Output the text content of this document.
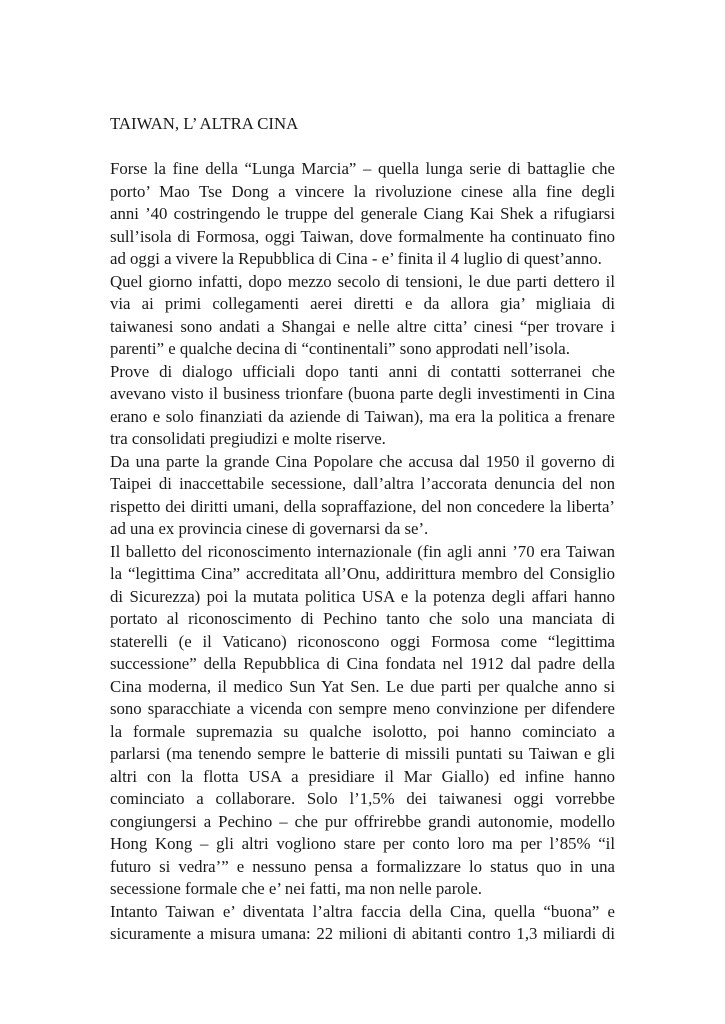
TAIWAN, L’ ALTRA CINA
Forse la fine della “Lunga Marcia” – quella lunga serie di battaglie che
porto’ Mao Tse Dong a vincere la rivoluzione cinese alla fine degli
anni ’40 costringendo le truppe del generale Ciang Kai Shek a rifugiarsi
sull’isola di Formosa, oggi Taiwan, dove formalmente ha continuato fino
ad oggi a vivere la Repubblica di Cina - e’ finita il 4 luglio di quest’anno.
Quel giorno infatti, dopo mezzo secolo di tensioni, le due parti dettero il
via ai primi collegamenti aerei diretti e da allora gia’ migliaia di
taiwanesi sono andati a Shangai e nelle altre citta’ cinesi “per trovare i
parenti” e qualche decina di “continentali” sono approdati nell’isola.
Prove di dialogo ufficiali dopo tanti anni di contatti sotterranei che
avevano visto il business trionfare (buona parte degli investimenti in Cina
erano e solo finanziati da aziende di Taiwan), ma era la politica a frenare
tra consolidati pregiudizi e molte riserve.
Da una parte la grande Cina Popolare che accusa dal 1950 il governo di
Taipei di inaccettabile secessione, dall’altra l’accorata denuncia del non
rispetto dei diritti umani, della sopraffazione, del non concedere la liberta’
ad una ex provincia cinese di governarsi da se’.
Il balletto del riconoscimento internazionale (fin agli anni ’70 era Taiwan
la “legittima Cina” accreditata all’Onu, addirittura membro del Consiglio
di Sicurezza) poi la mutata politica USA e la potenza degli affari hanno
portato al riconoscimento di Pechino tanto che solo una manciata di
staterelli (e il Vaticano) riconoscono oggi Formosa come “legittima
successione” della Repubblica di Cina fondata nel 1912 dal padre della
Cina moderna, il medico Sun Yat Sen. Le due parti per qualche anno si
sono sparacchiate a vicenda con sempre meno convinzione per difendere
la formale supremazia su qualche isolotto, poi hanno cominciato a
parlarsi (ma tenendo sempre le batterie di missili puntati su Taiwan e gli
altri con la flotta USA a presidiare il Mar Giallo) ed infine hanno
cominciato a collaborare. Solo l’1,5% dei taiwanesi oggi vorrebbe
congiungersi a Pechino – che pur offrirebbe grandi autonomie, modello
Hong Kong – gli altri vogliono stare per conto loro ma per l’85% “il
futuro si vedra’” e nessuno pensa a formalizzare lo status quo in una
secessione formale che e’ nei fatti, ma non nelle parole.
Intanto Taiwan e’ diventata l’altra faccia della Cina, quella “buona” e
sicuramente a misura umana: 22 milioni di abitanti contro 1,3 miliardi di
